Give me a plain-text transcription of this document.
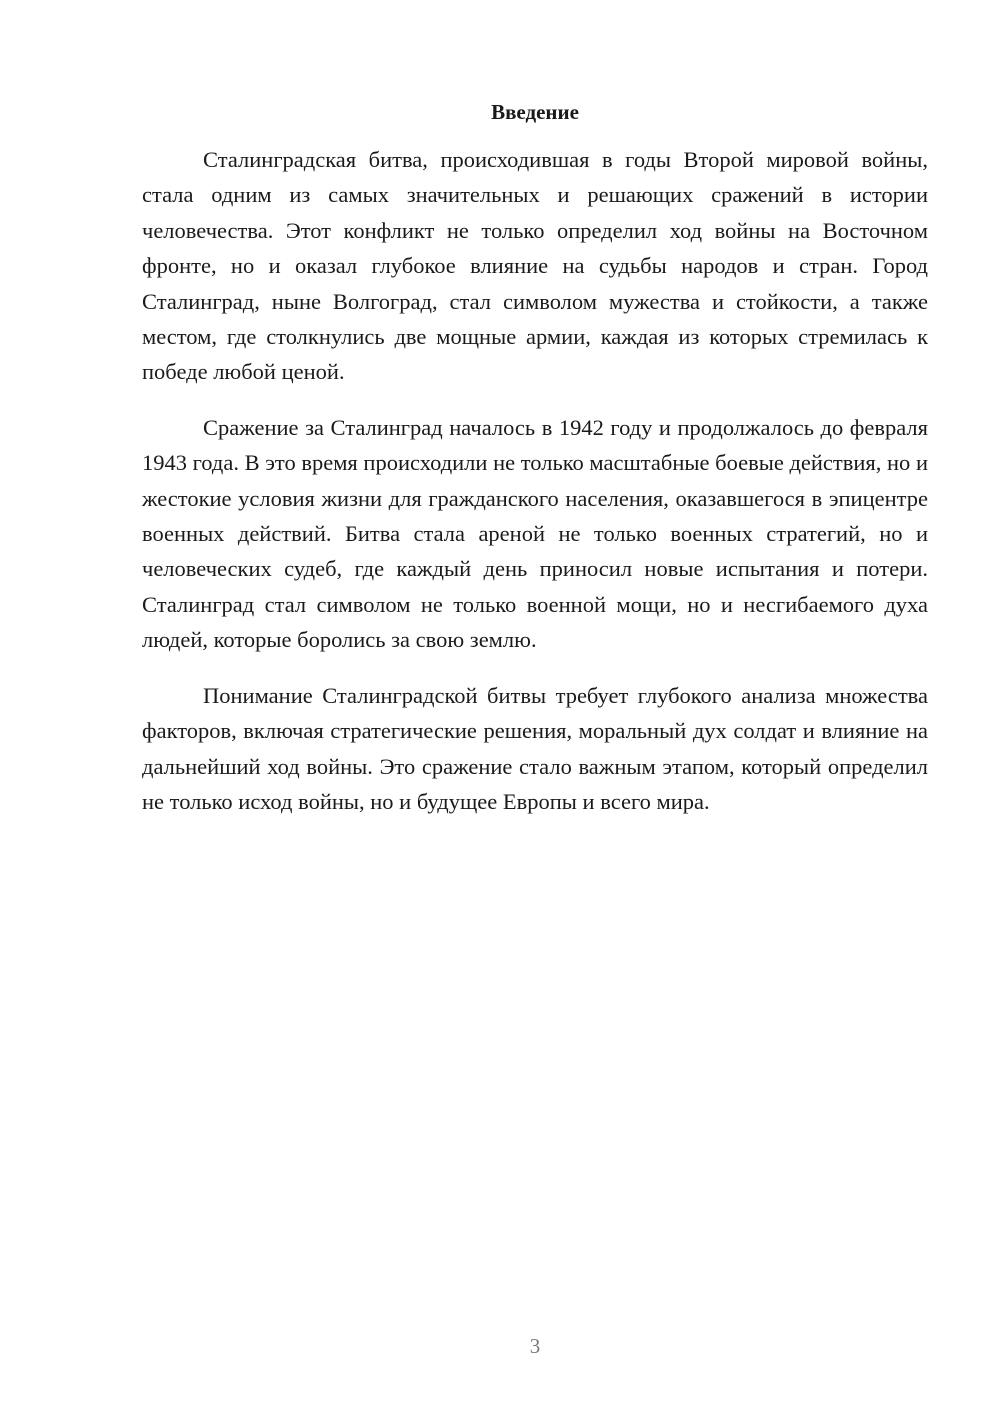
Введение

Сталинградская битва, происходившая в годы Второй мировой войны, стала одним из самых значительных и решающих сражений в истории человечества. Этот конфликт не только определил ход войны на Восточном фронте, но и оказал глубокое влияние на судьбы народов и стран. Город Сталинград, ныне Волгоград, стал символом мужества и стойкости, а также местом, где столкнулись две мощные армии, каждая из которых стремилась к победе любой ценой.

Сражение за Сталинград началось в 1942 году и продолжалось до февраля 1943 года. В это время происходили не только масштабные боевые действия, но и жестокие условия жизни для гражданского населения, оказавшегося в эпицентре военных действий. Битва стала ареной не только военных стратегий, но и человеческих судеб, где каждый день приносил новые испытания и потери. Сталинград стал символом не только военной мощи, но и несгибаемого духа людей, которые боролись за свою землю.

Понимание Сталинградской битвы требует глубокого анализа множества факторов, включая стратегические решения, моральный дух солдат и влияние на дальнейший ход войны. Это сражение стало важным этапом, который определил не только исход войны, но и будущее Европы и всего мира.

3
